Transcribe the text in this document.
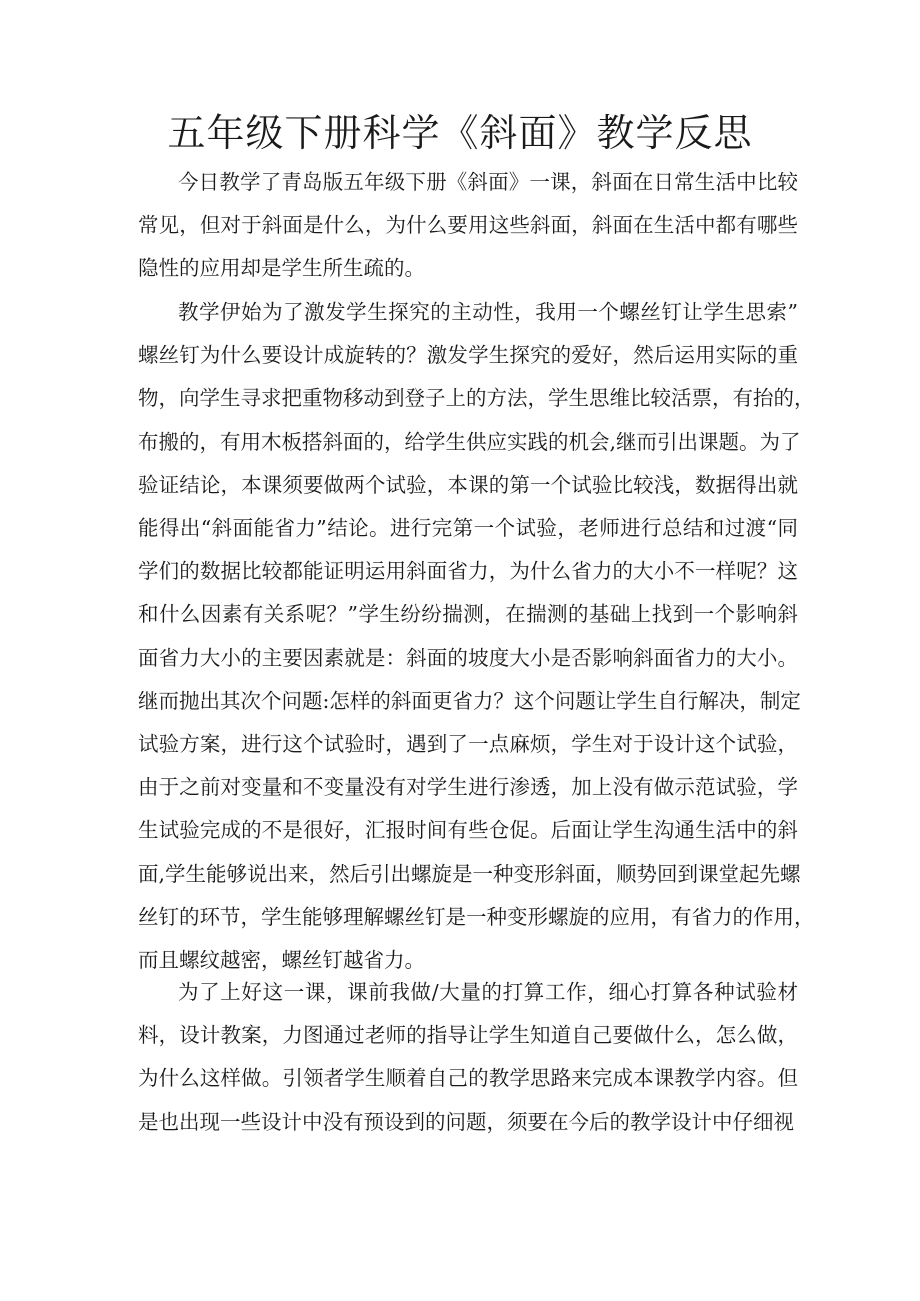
五年级下册科学《斜面》教学反思
今日教学了青岛版五年级下册《斜面》一课，斜面在日常生活中比较
常见，但对于斜面是什么，为什么要用这些斜面，斜面在生活中都有哪些
隐性的应用却是学生所生疏的。
教学伊始为了激发学生探究的主动性，我用一个螺丝钉让学生思索”
螺丝钉为什么要设计成旋转的？激发学生探究的爱好，然后运用实际的重
物，向学生寻求把重物移动到登子上的方法，学生思维比较活票，有抬的，
布搬的，有用木板搭斜面的，给学生供应实践的机会,继而引出课题。为了
验证结论，本课须要做两个试验，本课的第一个试验比较浅，数据得出就
能得出“斜面能省力”结论。进行完第一个试验，老师进行总结和过渡“同
学们的数据比较都能证明运用斜面省力，为什么省力的大小不一样呢？这
和什么因素有关系呢？”学生纷纷揣测，在揣测的基础上找到一个影响斜
面省力大小的主要因素就是：斜面的坡度大小是否影响斜面省力的大小。
继而抛出其次个问题:怎样的斜面更省力？这个问题让学生自行解决，制定
试验方案，进行这个试验时，遇到了一点麻烦，学生对于设计这个试验，
由于之前对变量和不变量没有对学生进行渗透，加上没有做示范试验，学
生试验完成的不是很好，汇报时间有些仓促。后面让学生沟通生活中的斜
面,学生能够说出来，然后引出螺旋是一种变形斜面，顺势回到课堂起先螺
丝钉的环节，学生能够理解螺丝钉是一种变形螺旋的应用，有省力的作用，
而且螺纹越密，螺丝钉越省力。
为了上好这一课，课前我做/大量的打算工作，细心打算各种试验材
料，设计教案，力图通过老师的指导让学生知道自己要做什么，怎么做，
为什么这样做。引领者学生顺着自己的教学思路来完成本课教学内容。但
是也出现一些设计中没有预设到的问题，须要在今后的教学设计中仔细视
